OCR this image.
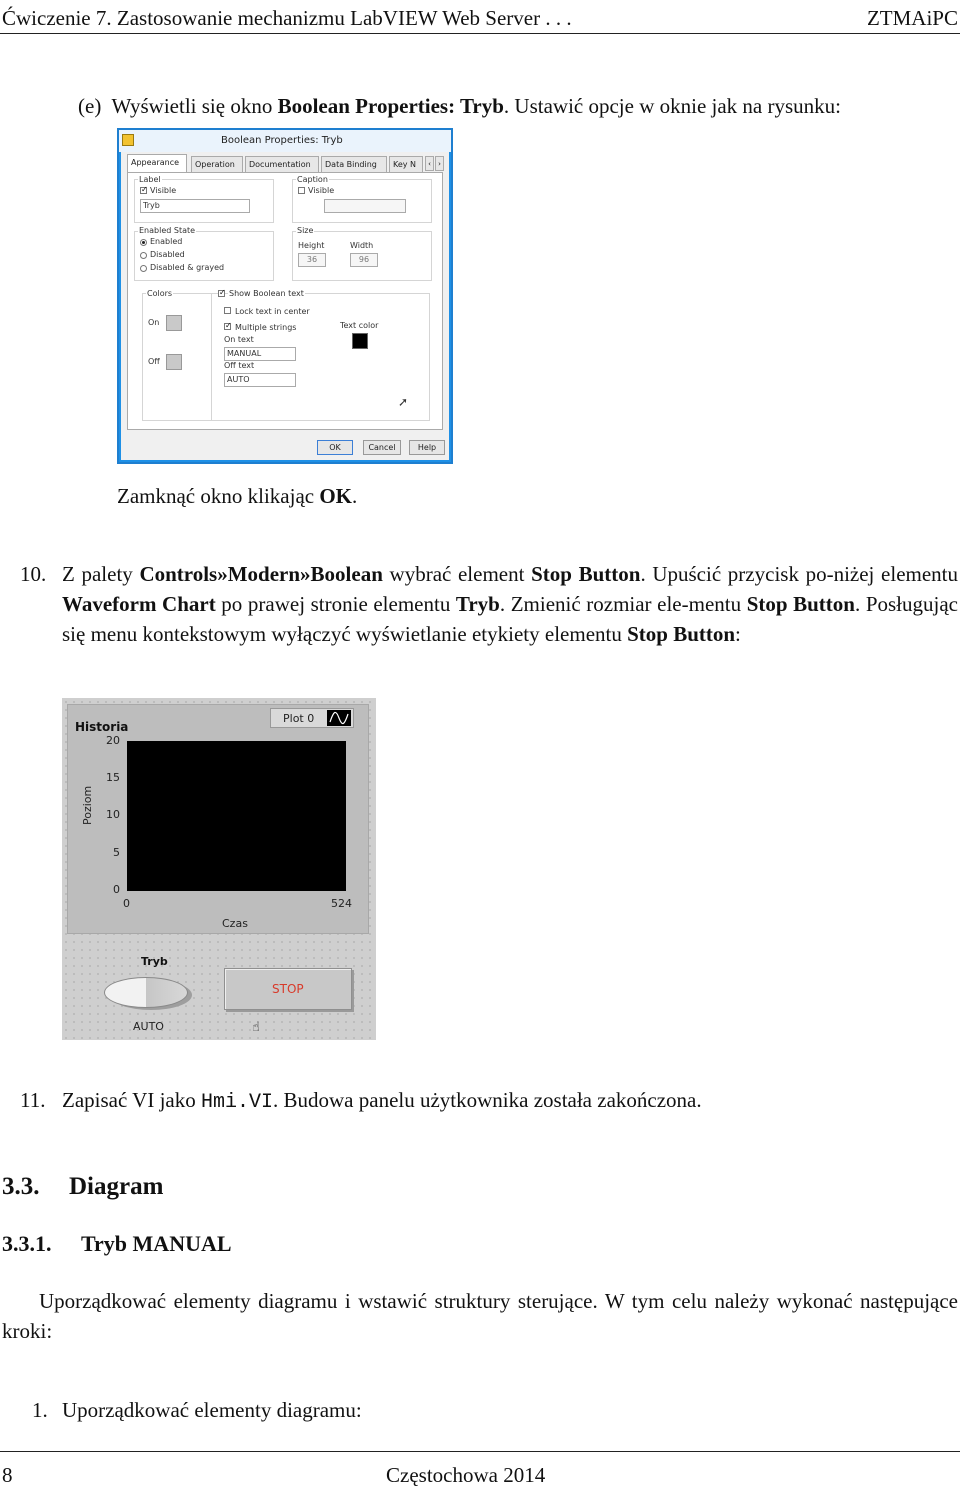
Ćwiczenie 7. Zastosowanie mechanizmu LabVIEW Web Server . . .	ZTMAiPC
(e) Wyświetli się okno Boolean Properties: Tryb. Ustawić opcje w oknie jak na rysunku:
Boolean Properties: Tryb
Appearance	Operation	Documentation	Data Binding	Key N	‹	›
Label
✓
Visible
Tryb
Caption
Visible
Enabled State
Enabled
Disabled
Disabled & grayed
Size
Height	Width
36	96
Colors
On
Off
✓
Show Boolean text
Lock text in center
✓
Multiple strings
On text
MANUAL
Off text
AUTO
Text color
➚
OK	Cancel	Help
Zamknąć okno klikając OK.
10. Z palety Controls»Modern»Boolean wybrać element Stop Button. Upuścić przycisk po-niżej elementu Waveform Chart po prawej stronie elementu Tryb. Zmienić rozmiar ele-mentu Stop Button. Posługując się menu kontekstowym wyłączyć wyświetlanie etykiety elementu Stop Button:
Historia
Plot 0
20
15
10
5
0
0	524
Poziom
Czas
Tryb
AUTO
STOP
☝
11. Zapisać VI jako Hmi.VI. Budowa panelu użytkownika została zakończona.
3.3. Diagram
3.3.1. Tryb MANUAL
Uporządkować elementy diagramu i wstawić struktury sterujące. W tym celu należy wykonać następujące kroki:
1. Uporządkować elementy diagramu:
8	Częstochowa 2014
